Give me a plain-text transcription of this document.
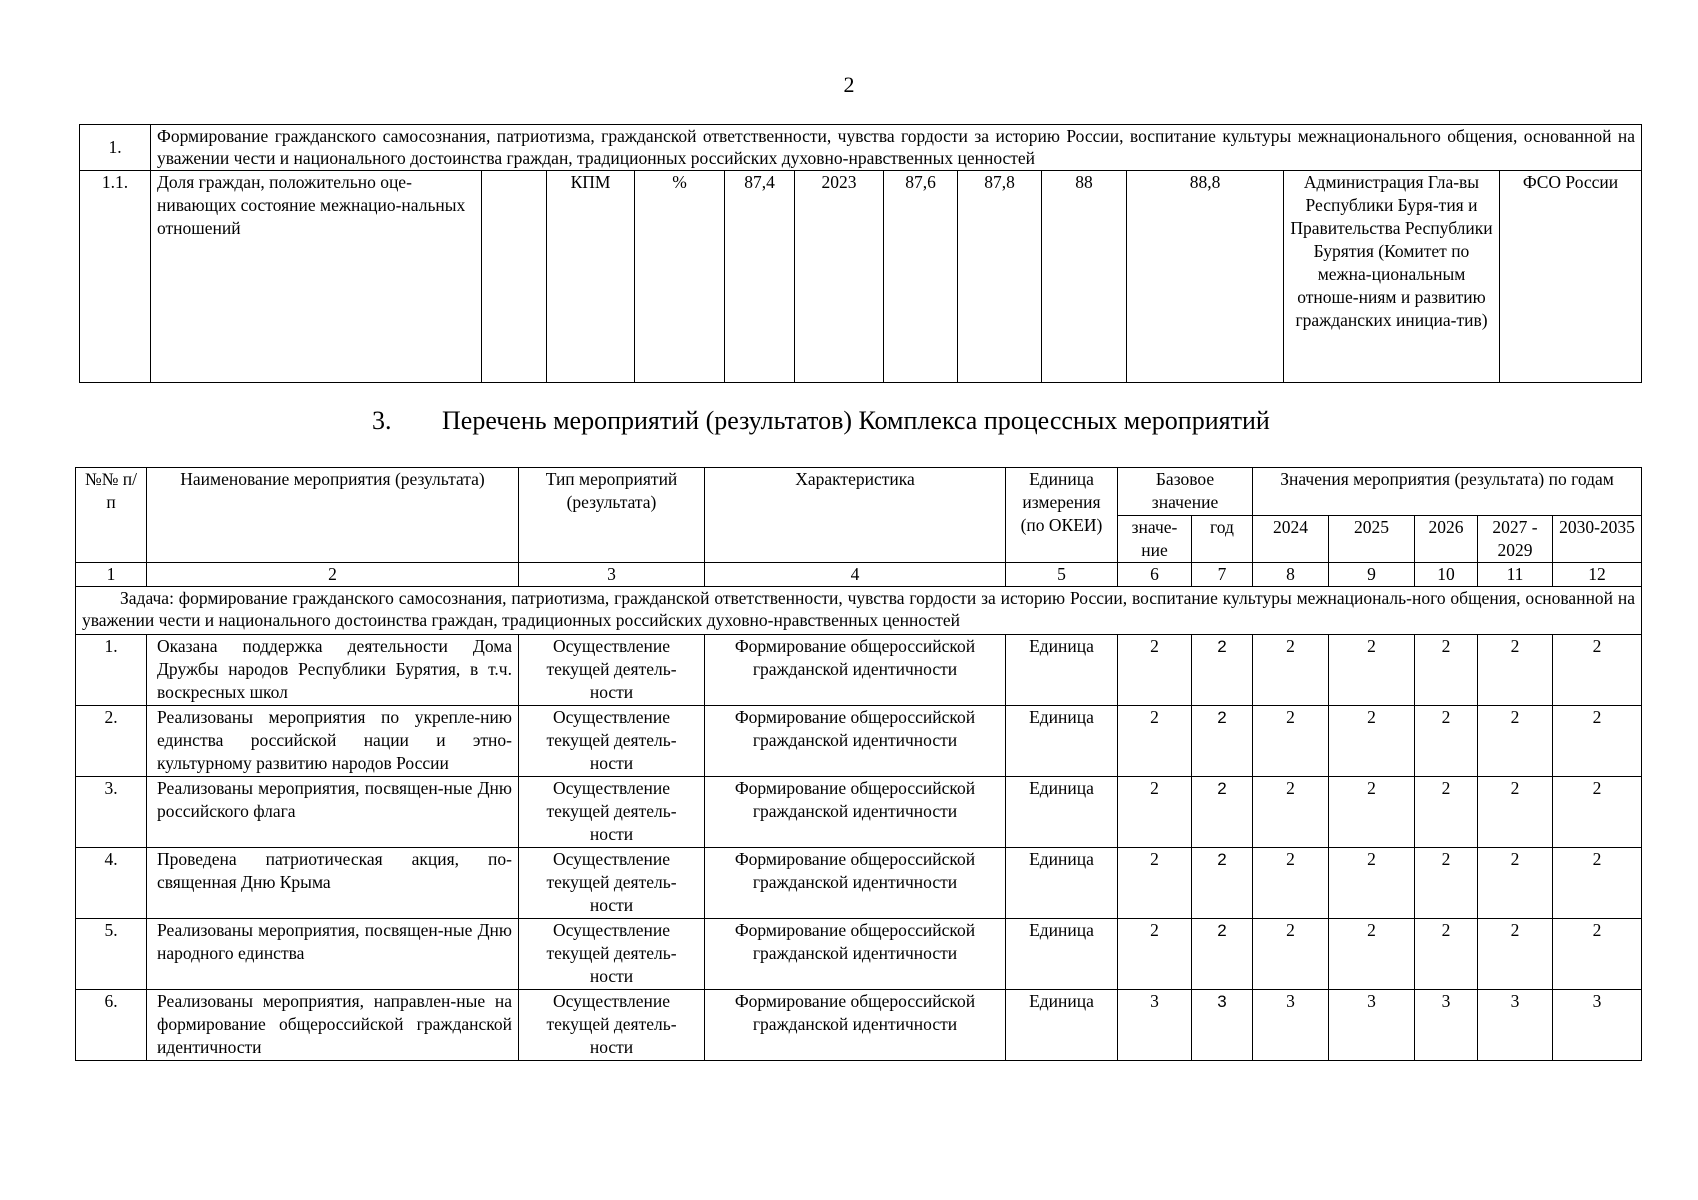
2
1.	Формирование гражданского самосознания, патриотизма, гражданской ответственности, чувства гордости за историю России, воспитание культуры межнационального общения, основанной на уважении чести и национального достоинства граждан, традиционных российских духовно-нравственных ценностей											
1.1.	Доля граждан, положительно оце-нивающих состояние межнацио-нальных отношений		КПМ	%	87,4	2023	87,6	87,8	88	88,8	Администрация Гла-вы Республики Буря-тия и Правительства Республики Бурятия (Комитет по межна-циональным отноше-ниям и развитию гражданских инициа-тив)	ФСО России
3. Перечень мероприятий (результатов) Комплекса процессных мероприятий
№№ п/п	Наименование мероприятия (результата)	Тип мероприятий (результата)	Характеристика	Единица измерения (по ОКЕИ)	Базовое значение		Значения мероприятия (результата) по годам				
					значе-ние	год	2024	2025	2026	2027 - 2029	2030-2035
1	2	3	4	5	6	7	8	9	10	11	12
Задача: формирование гражданского самосознания, патриотизма, гражданской ответственности, чувства гордости за историю России, воспитание культуры межнациональ-ного общения, основанной на уважении чести и национального достоинства граждан, традиционных российских духовно-нравственных ценностей											
1.	Оказана поддержка деятельности Дома Дружбы народов Республики Бурятия, в т.ч. воскресных школ	Осуществление текущей деятель-ности	Формирование общероссийской гражданской идентичности	Единица	2	2	2	2	2	2	2
2.	Реализованы мероприятия по укрепле-нию единства российской нации и этно-культурному развитию народов России	Осуществление текущей деятель-ности	Формирование общероссийской гражданской идентичности	Единица	2	2	2	2	2	2	2
3.	Реализованы мероприятия, посвящен-ные Дню российского флага	Осуществление текущей деятель-ности	Формирование общероссийской гражданской идентичности	Единица	2	2	2	2	2	2	2
4.	Проведена патриотическая акция, по-священная Дню Крыма	Осуществление текущей деятель-ности	Формирование общероссийской гражданской идентичности	Единица	2	2	2	2	2	2	2
5.	Реализованы мероприятия, посвящен-ные Дню народного единства	Осуществление текущей деятель-ности	Формирование общероссийской гражданской идентичности	Единица	2	2	2	2	2	2	2
6.	Реализованы мероприятия, направлен-ные на формирование общероссийской гражданской идентичности	Осуществление текущей деятель-ности	Формирование общероссийской гражданской идентичности	Единица	3	3	3	3	3	3	3
